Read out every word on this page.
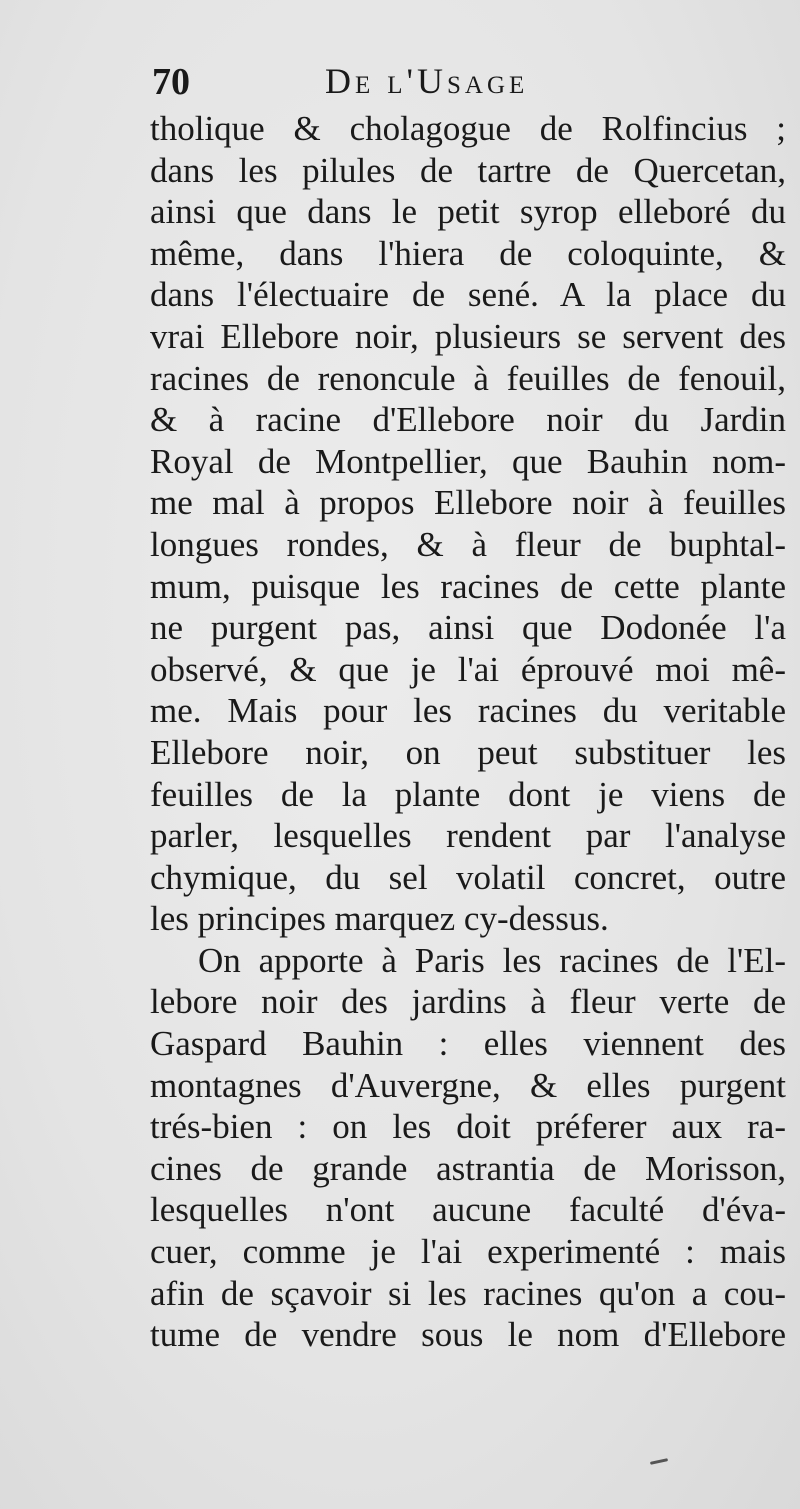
70	De l'Usage
tholique & cholagogue de Rolfincius ;
dans les pilules de tartre de Quercetan,
ainsi que dans le petit syrop elleboré du
même, dans l'hiera de coloquinte, &
dans l'électuaire de sené. A la place du
vrai Ellebore noir, plusieurs se servent des
racines de renoncule à feuilles de fenouil,
& à racine d'Ellebore noir du Jardin
Royal de Montpellier, que Bauhin nom-
me mal à propos Ellebore noir à feuilles
longues rondes, & à fleur de buphtal-
mum, puisque les racines de cette plante
ne purgent pas, ainsi que Dodonée l'a
observé, & que je l'ai éprouvé moi mê-
me. Mais pour les racines du veritable
Ellebore noir, on peut substituer les
feuilles de la plante dont je viens de
parler, lesquelles rendent par l'analyse
chymique, du sel volatil concret, outre
les principes marquez cy-dessus.
On apporte à Paris les racines de l'El-
lebore noir des jardins à fleur verte de
Gaspard Bauhin : elles viennent des
montagnes d'Auvergne, & elles purgent
trés-bien : on les doit préferer aux ra-
cines de grande astrantia de Morisson,
lesquelles n'ont aucune faculté d'éva-
cuer, comme je l'ai experimenté : mais
afin de sçavoir si les racines qu'on a cou-
tume de vendre sous le nom d'Ellebore
